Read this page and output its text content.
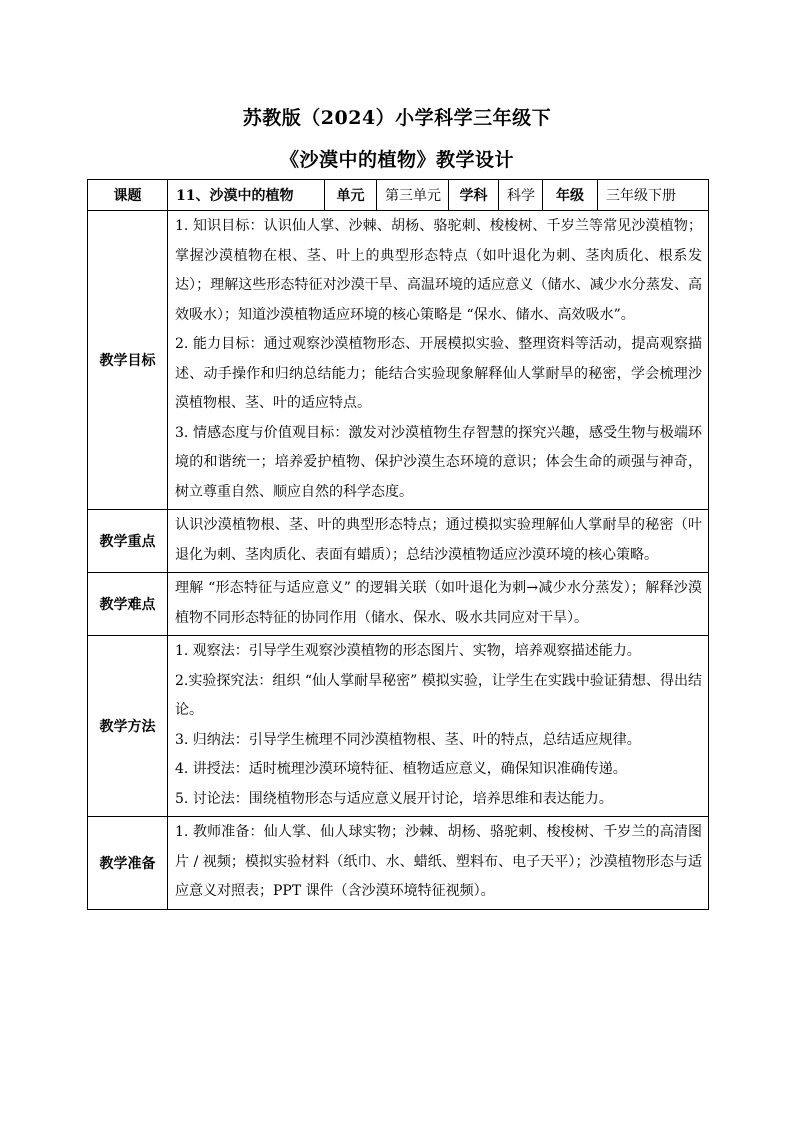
苏教版（2024）小学科学三年级下
《沙漠中的植物》教学设计
课题	11、沙漠中的植物	单元	第三单元	学科	科学	年级	三年级下册
教学目标	1. 知识目标：认识仙人掌、沙棘、胡杨、骆驼刺、梭梭树、千岁兰等常见沙漠植物；掌握沙漠植物在根、茎、叶上的典型形态特点（如叶退化为刺、茎肉质化、根系发达）；理解这些形态特征对沙漠干旱、高温环境的适应意义（储水、减少水分蒸发、高效吸水）；知道沙漠植物适应环境的核心策略是 “保水、储水、高效吸水”。

2. 能力目标：通过观察沙漠植物形态、开展模拟实验、整理资料等活动，提高观察描述、动手操作和归纳总结能力；能结合实验现象解释仙人掌耐旱的秘密，学会梳理沙漠植物根、茎、叶的适应特点。

3. 情感态度与价值观目标：激发对沙漠植物生存智慧的探究兴趣，感受生物与极端环境的和谐统一；培养爱护植物、保护沙漠生态环境的意识；体会生命的顽强与神奇，树立尊重自然、顺应自然的科学态度。						

教学重点	认识沙漠植物根、茎、叶的典型形态特点；通过模拟实验理解仙人掌耐旱的秘密（叶退化为刺、茎肉质化、表面有蜡质）；总结沙漠植物适应沙漠环境的核心策略。						

教学难点	理解 “形态特征与适应意义” 的逻辑关联（如叶退化为刺→减少水分蒸发）；解释沙漠植物不同形态特征的协同作用（储水、保水、吸水共同应对干旱）。						

教学方法	1. 观察法：引导学生观察沙漠植物的形态图片、实物，培养观察描述能力。

2.实验探究法：组织 “仙人掌耐旱秘密” 模拟实验，让学生在实践中验证猜想、得出结论。

3. 归纳法：引导学生梳理不同沙漠植物根、茎、叶的特点，总结适应规律。

4. 讲授法：适时梳理沙漠环境特征、植物适应意义，确保知识准确传递。

5. 讨论法：围绕植物形态与适应意义展开讨论，培养思维和表达能力。						

教学准备	1. 教师准备：仙人掌、仙人球实物；沙棘、胡杨、骆驼刺、梭梭树、千岁兰的高清图片 / 视频；模拟实验材料（纸巾、水、蜡纸、塑料布、电子天平）；沙漠植物形态与适应意义对照表；PPT 课件（含沙漠环境特征视频）。						
